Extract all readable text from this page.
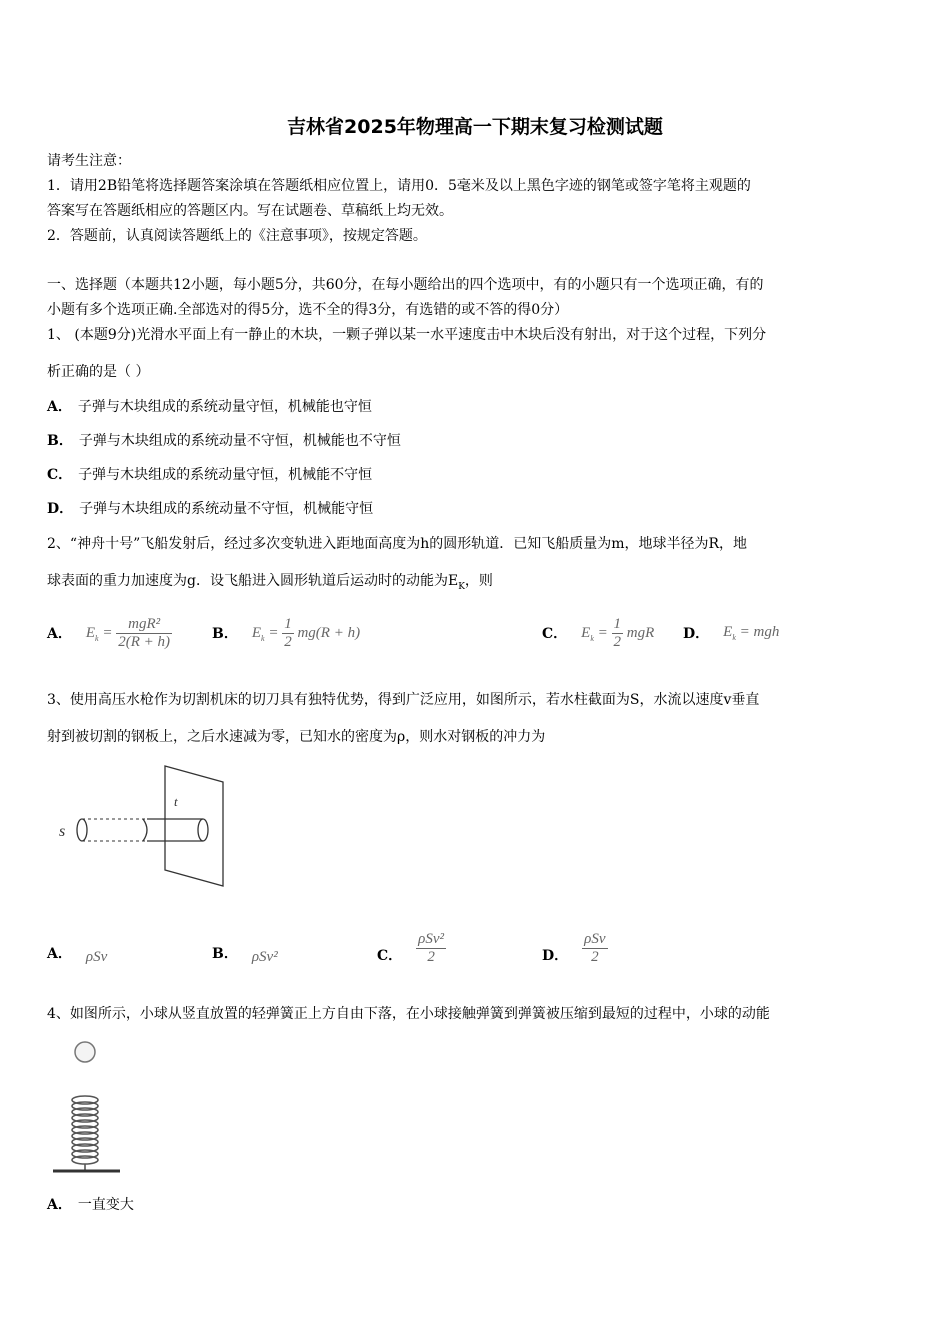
吉林省2025年物理高一下期末复习检测试题
请考生注意：
1．请用2B铅笔将选择题答案涂填在答题纸相应位置上，请用0．5毫米及以上黑色字迹的钢笔或签字笔将主观题的
答案写在答题纸相应的答题区内。写在试题卷、草稿纸上均无效。
2．答题前，认真阅读答题纸上的《注意事项》，按规定答题。
一、选择题（本题共12小题，每小题5分，共60分，在每小题给出的四个选项中，有的小题只有一个选项正确，有的
小题有多个选项正确.全部选对的得5分，选不全的得3分，有选错的或不答的得0分）
1、 (本题9分)光滑水平面上有一静止的木块，一颗子弹以某一水平速度击中木块后没有射出，对于这个过程，下列分
析正确的是（ ）
A． 子弹与木块组成的系统动量守恒，机械能也守恒
B． 子弹与木块组成的系统动量不守恒，机械能也不守恒
C． 子弹与木块组成的系统动量守恒，机械能不守恒
D． 子弹与木块组成的系统动量不守恒，机械能守恒
2、“神舟十号”飞船发射后，经过多次变轨进入距地面高度为h的圆形轨道．已知飞船质量为m，地球半径为R，地
球表面的重力加速度为g．设飞船进入圆形轨道后运动时的动能为$E_K$，则
A． $E_k = \frac{\text{mgR²}}{2(R + h)}$	B． $E_k = \frac{1}{2} mg(R + h)$	C． $E_k = \frac{1}{2}$ mgR D． $E_k$ = mgh
3、使用高压水枪作为切割机床的切刀具有独特优势，得到广泛应用，如图所示，若水柱截面为S，水流以速度v垂直
射到被切割的钢板上，之后水速减为零，已知水的密度为ρ，则水对钢板的冲力为
s
t
A． ρSv	B． ρSv²	C． $\frac{\text{ρSv²}}{2}$	D． $\frac{\text{ρSv}}{2}$
4、如图所示，小球从竖直放置的轻弹簧正上方自由下落，在小球接触弹簧到弹簧被压缩到最短的过程中，小球的动能
A． 一直变大
